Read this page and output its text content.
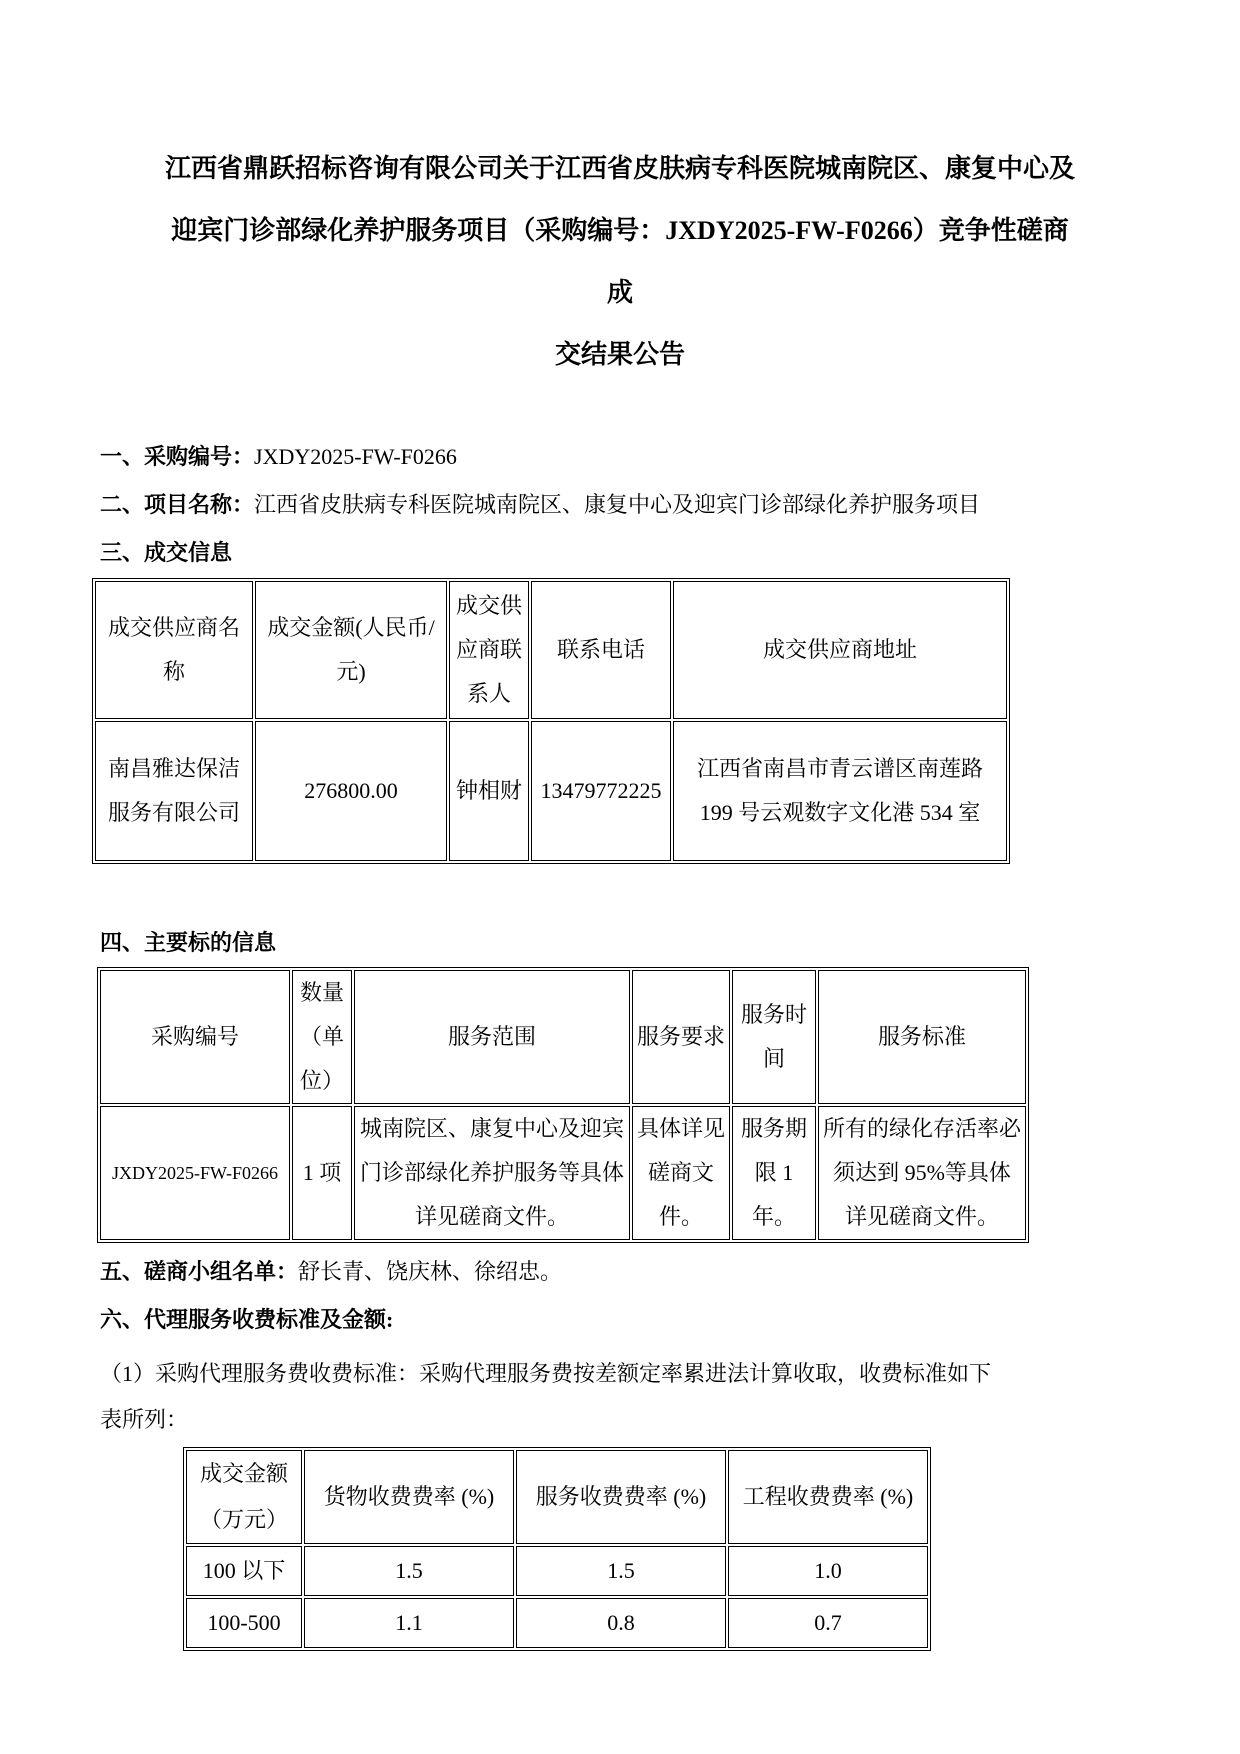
江西省鼎跃招标咨询有限公司关于江西省皮肤病专科医院城南院区、康复中心及
迎宾门诊部绿化养护服务项目（采购编号：JXDY2025-FW-F0266）竞争性磋商成
交结果公告

一、采购编号：JXDY2025-FW-F0266

二、项目名称：江西省皮肤病专科医院城南院区、康复中心及迎宾门诊部绿化养护服务项目

三、成交信息

成交供应商名称	成交金额(人民币/元)	成交供应商联系人	联系电话	成交供应商地址
南昌雅达保洁服务有限公司	276800.00	钟相财	13479772225	江西省南昌市青云谱区南莲路 199 号云观数字文化港 534 室

四、主要标的信息

采购编号	数量（单位）	服务范围	服务要求	服务时间	服务标准
JXDY2025-FW-F0266	1 项	城南院区、康复中心及迎宾门诊部绿化养护服务等具体详见磋商文件。	具体详见磋商文件。	服务期限 1 年。	所有的绿化存活率必须达到 95%等具体详见磋商文件。

五、磋商小组名单：舒长青、饶庆林、徐绍忠。

六、代理服务收费标准及金额:

（1）采购代理服务费收费标准：采购代理服务费按差额定率累进法计算收取，收费标准如下表所列：

成交金额（万元）	货物收费费率 (%)	服务收费费率 (%)	工程收费费率 (%)
100 以下	1.5	1.5	1.0
100-500	1.1	0.8	0.7
